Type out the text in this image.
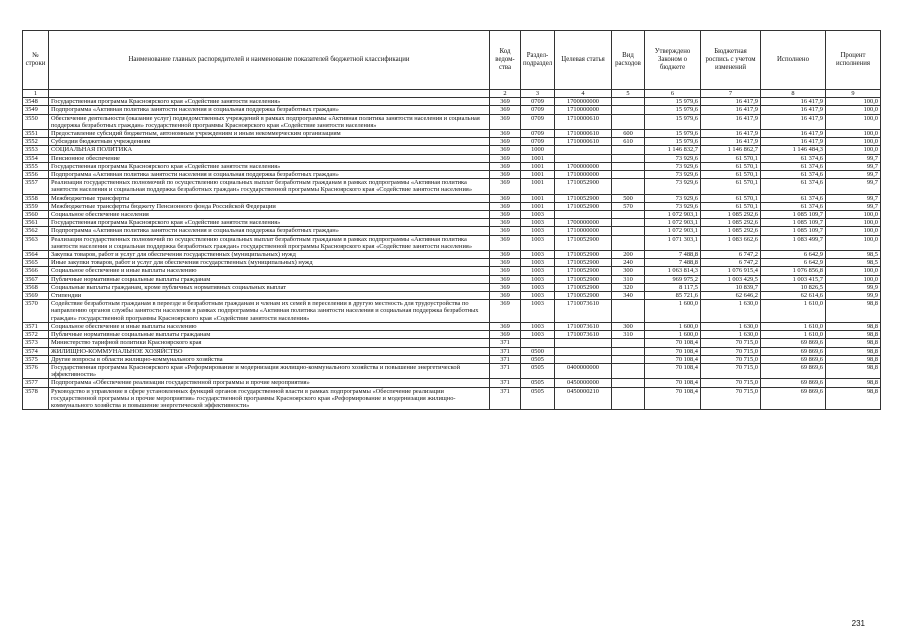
№ строки	Наименование главных распорядителей и наименование показателей бюджетной классификации	Код ведом-ства	Раздел-подраздел	Целевая статья	Вид расходов	Утверждено Законом о бюджете	Бюджетная роспись с учетом изменений	Исполнено	Процент исполнения
1		2	3	4	5	6	7	8	9
3548	Государственная программа Красноярского края «Содействие занятости населения»	369	0709	1700000000		15 979,6	16 417,9	16 417,9	100,0
3549	Подпрограмма «Активная политика занятости населения и социальная поддержка безработных граждан»	369	0709	1710000000		15 979,6	16 417,9	16 417,9	100,0
3550	Обеспечение деятельности (оказание услуг) подведомственных учреждений в рамках подпрограммы «Активная политика занятости населения и социальная поддержка безработных граждан» государственной программы Красноярского края «Содействие занятости населения»	369	0709	1710000610		15 979,6	16 417,9	16 417,9	100,0
3551	Предоставление субсидий бюджетным, автономным учреждениям и иным некоммерческим организациям	369	0709	1710000610	600	15 979,6	16 417,9	16 417,9	100,0
3552	Субсидии бюджетным учреждениям	369	0709	1710000610	610	15 979,6	16 417,9	16 417,9	100,0
3553	СОЦИАЛЬНАЯ ПОЛИТИКА	369	1000			1 146 832,7	1 146 862,7	1 146 484,3	100,0
3554	Пенсионное обеспечение	369	1001			73 929,6	61 570,1	61 374,6	99,7
3555	Государственная программа Красноярского края «Содействие занятости населения»	369	1001	1700000000		73 929,6	61 570,1	61 374,6	99,7
3556	Подпрограмма «Активная политика занятости населения и социальная поддержка безработных граждан»	369	1001	1710000000		73 929,6	61 570,1	61 374,6	99,7
3557	Реализация государственных полномочий по осуществлению социальных выплат безработным гражданам в рамках подпрограммы «Активная политика занятости населения и социальная поддержка безработных граждан» государственной программы Красноярского края «Содействие занятости населения»	369	1001	1710052900		73 929,6	61 570,1	61 374,6	99,7
3558	Межбюджетные трансферты	369	1001	1710052900	500	73 929,6	61 570,1	61 374,6	99,7
3559	Межбюджетные трансферты бюджету Пенсионного фонда Российской Федерации	369	1001	1710052900	570	73 929,6	61 570,1	61 374,6	99,7
3560	Социальное обеспечение населения	369	1003			1 072 903,1	1 085 292,6	1 085 109,7	100,0
3561	Государственная программа Красноярского края «Содействие занятости населения»	369	1003	1700000000		1 072 903,1	1 085 292,6	1 085 109,7	100,0
3562	Подпрограмма «Активная политика занятости населения и социальная поддержка безработных граждан»	369	1003	1710000000		1 072 903,1	1 085 292,6	1 085 109,7	100,0
3563	Реализация государственных полномочий по осуществлению социальных выплат безработным гражданам в рамках подпрограммы «Активная политика занятости населения и социальная поддержка безработных граждан» государственной программы Красноярского края «Содействие занятости населения»	369	1003	1710052900		1 071 303,1	1 083 662,6	1 083 499,7	100,0
3564	Закупка товаров, работ и услуг для обеспечения государственных (муниципальных) нужд	369	1003	1710052900	200	7 488,8	6 747,2	6 642,9	98,5
3565	Иные закупки товаров, работ и услуг для обеспечения государственных (муниципальных) нужд	369	1003	1710052900	240	7 488,8	6 747,2	6 642,9	98,5
3566	Социальное обеспечение и иные выплаты населению	369	1003	1710052900	300	1 063 814,3	1 076 915,4	1 076 856,8	100,0
3567	Публичные нормативные социальные выплаты гражданам	369	1003	1710052900	310	969 975,2	1 003 429,5	1 003 415,7	100,0
3568	Социальные выплаты гражданам, кроме публичных нормативных социальных выплат	369	1003	1710052900	320	8 117,5	10 839,7	10 826,5	99,9
3569	Стипендии	369	1003	1710052900	340	85 721,6	62 646,2	62 614,6	99,9
3570	Содействие безработным гражданам в переезде и безработным гражданам и членам их семей в переселении в другую местность для трудоустройства по направлению органов службы занятости населения в рамках подпрограммы «Активная политика занятости населения и социальная поддержка безработных граждан» государственной программы Красноярского края «Содействие занятости населения»	369	1003	1710073610		1 600,0	1 630,0	1 610,0	98,8
3571	Социальное обеспечение и иные выплаты населению	369	1003	1710073610	300	1 600,0	1 630,0	1 610,0	98,8
3572	Публичные нормативные социальные выплаты гражданам	369	1003	1710073610	310	1 600,0	1 630,0	1 610,0	98,8
3573	Министерство тарифной политики Красноярского края	371				70 108,4	70 715,0	69 869,6	98,8
3574	ЖИЛИЩНО-КОММУНАЛЬНОЕ ХОЗЯЙСТВО	371	0500			70 108,4	70 715,0	69 869,6	98,8
3575	Другие вопросы в области жилищно-коммунального хозяйства	371	0505			70 108,4	70 715,0	69 869,6	98,8
3576	Государственная программа Красноярского края «Реформирование и модернизация жилищно-коммунального хозяйства и повышение энергетической эффективности»	371	0505	0400000000		70 108,4	70 715,0	69 869,6	98,8
3577	Подпрограмма «Обеспечение реализации государственной программы и прочие мероприятия»	371	0505	0450000000		70 108,4	70 715,0	69 869,6	98,8
3578	Руководство и управление в сфере установленных функций органов государственной власти в рамках подпрограммы «Обеспечение реализации государственной программы и прочие мероприятия» государственной программы Красноярского края «Реформирование и модернизация жилищно-коммунального хозяйства и повышение энергетической эффективности»	371	0505	0450000210		70 108,4	70 715,0	69 869,6	98,8
231
